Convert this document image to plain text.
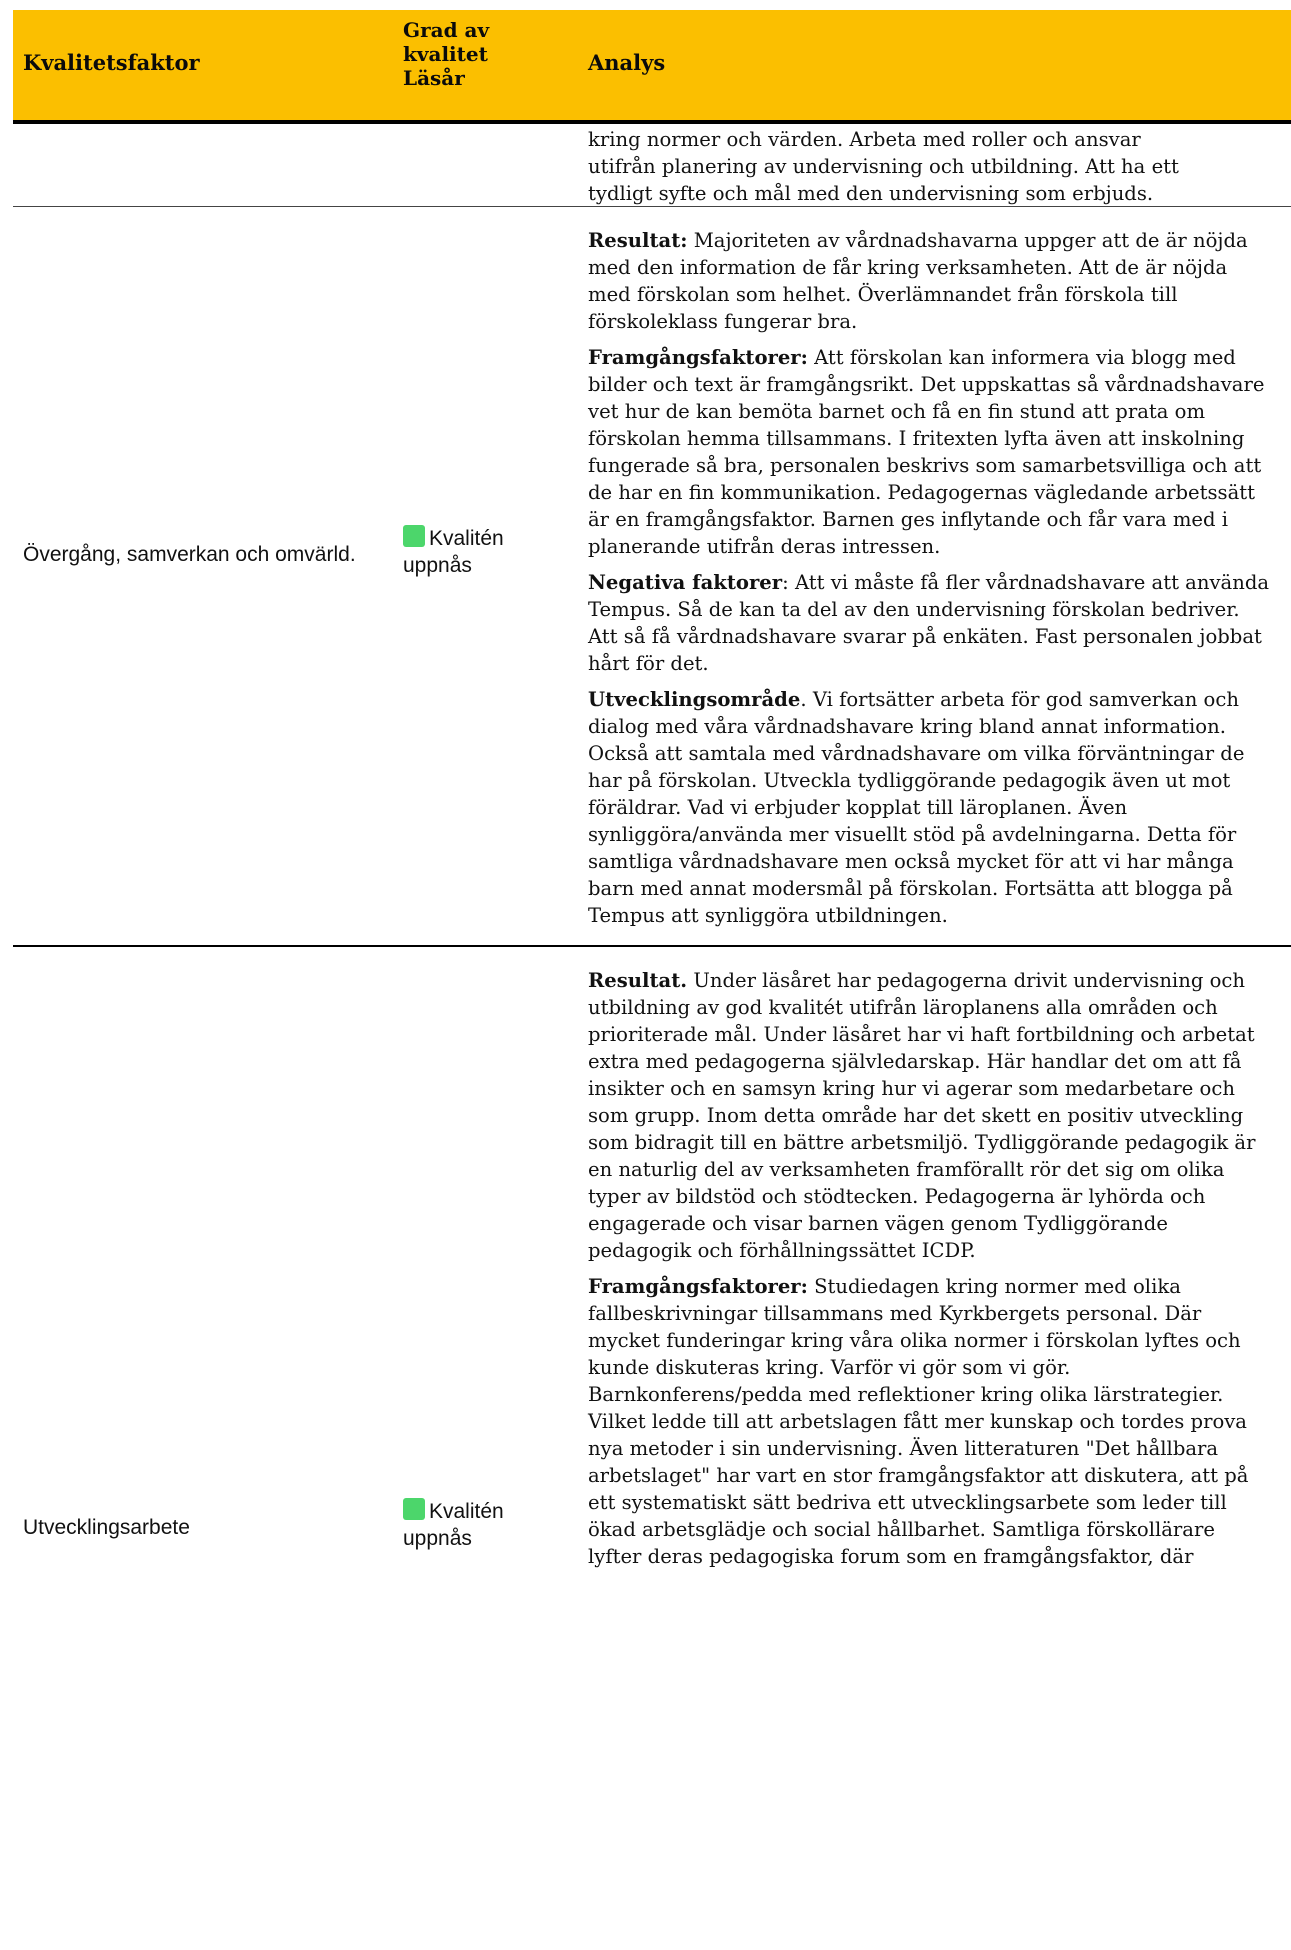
Kvalitetsfaktor
Grad av
kvalitet
Läsår
Analys
kring normer och värden. Arbeta med roller och ansvar
utifrån planering av undervisning och utbildning. Att ha ett
tydligt syfte och mål med den undervisning som erbjuds.
Övergång, samverkan och omvärld.
Kvalitén
uppnås

Resultat: Majoriteten av vårdnadshavarna uppger att de är nöjda med den information de får kring verksamheten. Att de är nöjda med förskolan som helhet. Överlämnandet från förskola till förskoleklass fungerar bra.

Framgångsfaktorer: Att förskolan kan informera via blogg med bilder och text är framgångsrikt. Det uppskattas så vårdnadshavare vet hur de kan bemöta barnet och få en fin stund att prata om förskolan hemma tillsammans. I fritexten lyfta även att inskolning fungerade så bra, personalen beskrivs som samarbetsvilliga och att de har en fin kommunikation. Pedagogernas vägledande arbetssätt är en framgångsfaktor. Barnen ges inflytande och får vara med i planerande utifrån deras intressen.

Negativa faktorer: Att vi måste få fler vårdnadshavare att använda Tempus. Så de kan ta del av den undervisning förskolan bedriver. Att så få vårdnadshavare svarar på enkäten. Fast personalen jobbat hårt för det.

Utvecklingsområde. Vi fortsätter arbeta för god samverkan och dialog med våra vårdnadshavare kring bland annat information. Också att samtala med vårdnadshavare om vilka förväntningar de har på förskolan. Utveckla tydliggörande pedagogik även ut mot föräldrar. Vad vi erbjuder kopplat till läroplanen. Även synliggöra/använda mer visuellt stöd på avdelningarna. Detta för samtliga vårdnadshavare men också mycket för att vi har många barn med annat modersmål på förskolan. Fortsätta att blogga på Tempus att synliggöra utbildningen.

Utvecklingsarbete
Kvalitén
uppnås

Resultat. Under läsåret har pedagogerna drivit undervisning och utbildning av god kvalitét utifrån läroplanens alla områden och prioriterade mål. Under läsåret har vi haft fortbildning och arbetat extra med pedagogerna självledarskap. Här handlar det om att få insikter och en samsyn kring hur vi agerar som medarbetare och som grupp. Inom detta område har det skett en positiv utveckling som bidragit till en bättre arbetsmiljö. Tydliggörande pedagogik är en naturlig del av verksamheten framförallt rör det sig om olika typer av bildstöd och stödtecken. Pedagogerna är lyhörda och engagerade och visar barnen vägen genom Tydliggörande pedagogik och förhållningssättet ICDP.

Framgångsfaktorer: Studiedagen kring normer med olika fallbeskrivningar tillsammans med Kyrkbergets personal. Där mycket funderingar kring våra olika normer i förskolan lyftes och kunde diskuteras kring. Varför vi gör som vi gör. Barnkonferens/pedda med reflektioner kring olika lärstrategier. Vilket ledde till att arbetslagen fått mer kunskap och tordes prova nya metoder i sin undervisning. Även litteraturen "Det hållbara arbetslaget" har vart en stor framgångsfaktor att diskutera, att på ett systematiskt sätt bedriva ett utvecklingsarbete som leder till ökad arbetsglädje och social hållbarhet. Samtliga förskollärare lyfter deras pedagogiska forum som en framgångsfaktor, där
